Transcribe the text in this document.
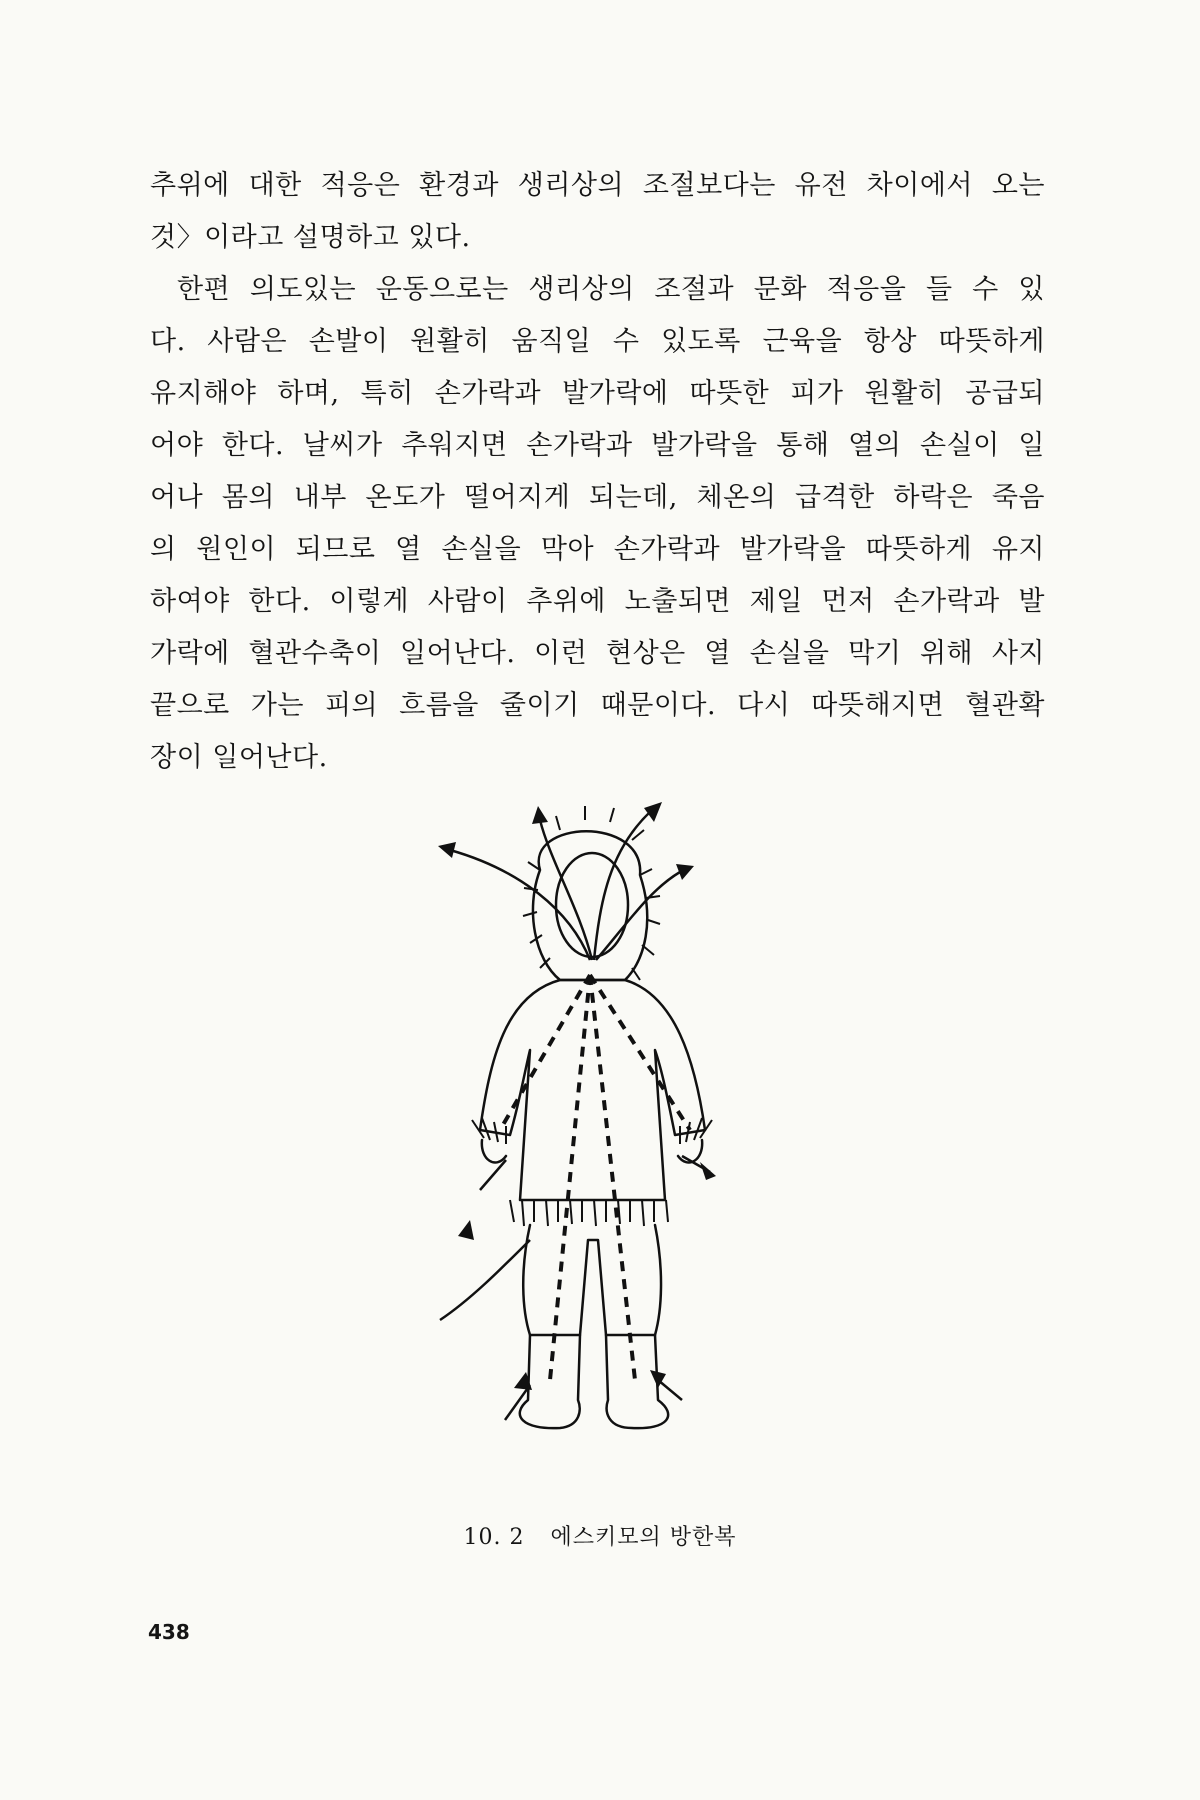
추위에 대한 적응은 환경과 생리상의 조절보다는 유전 차이에서 오는
것〉이라고 설명하고 있다.
한편 의도있는 운동으로는 생리상의 조절과 문화 적응을 들 수 있
다. 사람은 손발이 원활히 움직일 수 있도록 근육을 항상 따뜻하게
유지해야 하며, 특히 손가락과 발가락에 따뜻한 피가 원활히 공급되
어야 한다. 날씨가 추워지면 손가락과 발가락을 통해 열의 손실이 일
어나 몸의 내부 온도가 떨어지게 되는데, 체온의 급격한 하락은 죽음
의 원인이 되므로 열 손실을 막아 손가락과 발가락을 따뜻하게 유지
하여야 한다. 이렇게 사람이 추위에 노출되면 제일 먼저 손가락과 발
가락에 혈관수축이 일어난다. 이런 현상은 열 손실을 막기 위해 사지
끝으로 가는 피의 흐름을 줄이기 때문이다. 다시 따뜻해지면 혈관확
장이 일어난다.
10. 2 에스키모의 방한복
438
